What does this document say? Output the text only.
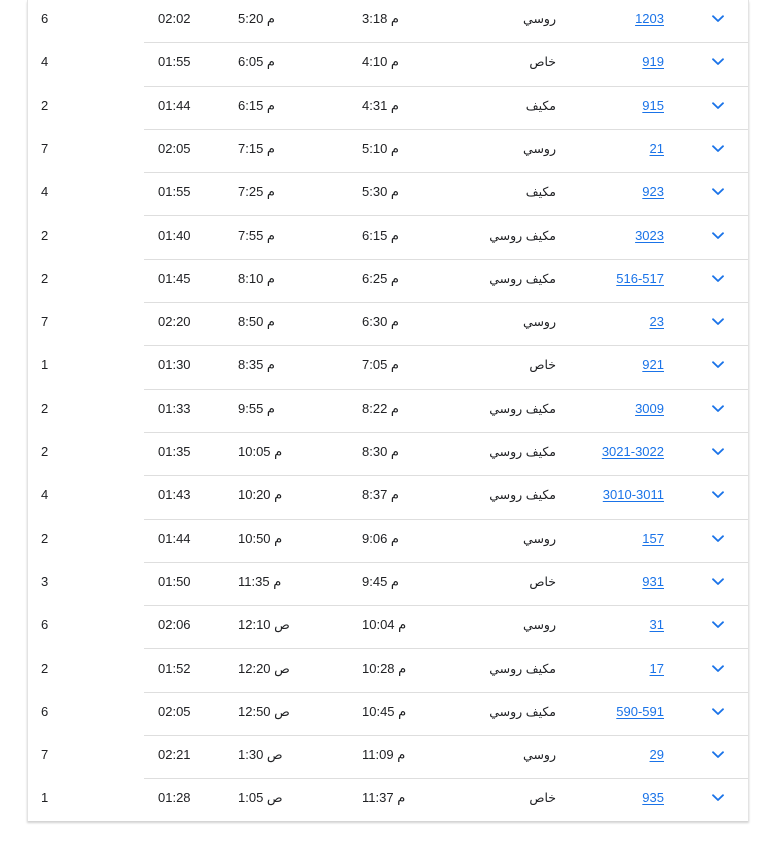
6	02:02	5:20 م	3:18 م	روسي	1203
4	01:55	6:05 م	4:10 م	خاص	919
2	01:44	6:15 م	4:31 م	مكيف	915
7	02:05	7:15 م	5:10 م	روسي	21
4	01:55	7:25 م	5:30 م	مكيف	923
2	01:40	7:55 م	6:15 م	مكيف روسي	3023
2	01:45	8:10 م	6:25 م	مكيف روسي	516-517
7	02:20	8:50 م	6:30 م	روسي	23
1	01:30	8:35 م	7:05 م	خاص	921
2	01:33	9:55 م	8:22 م	مكيف روسي	3009
2	01:35	10:05 م	8:30 م	مكيف روسي	3021-3022
4	01:43	10:20 م	8:37 م	مكيف روسي	3010-3011
2	01:44	10:50 م	9:06 م	روسي	157
3	01:50	11:35 م	9:45 م	خاص	931
6	02:06	12:10 ص	10:04 م	روسي	31
2	01:52	12:20 ص	10:28 م	مكيف روسي	17
6	02:05	12:50 ص	10:45 م	مكيف روسي	590-591
7	02:21	1:30 ص	11:09 م	روسي	29
1	01:28	1:05 ص	11:37 م	خاص	935
